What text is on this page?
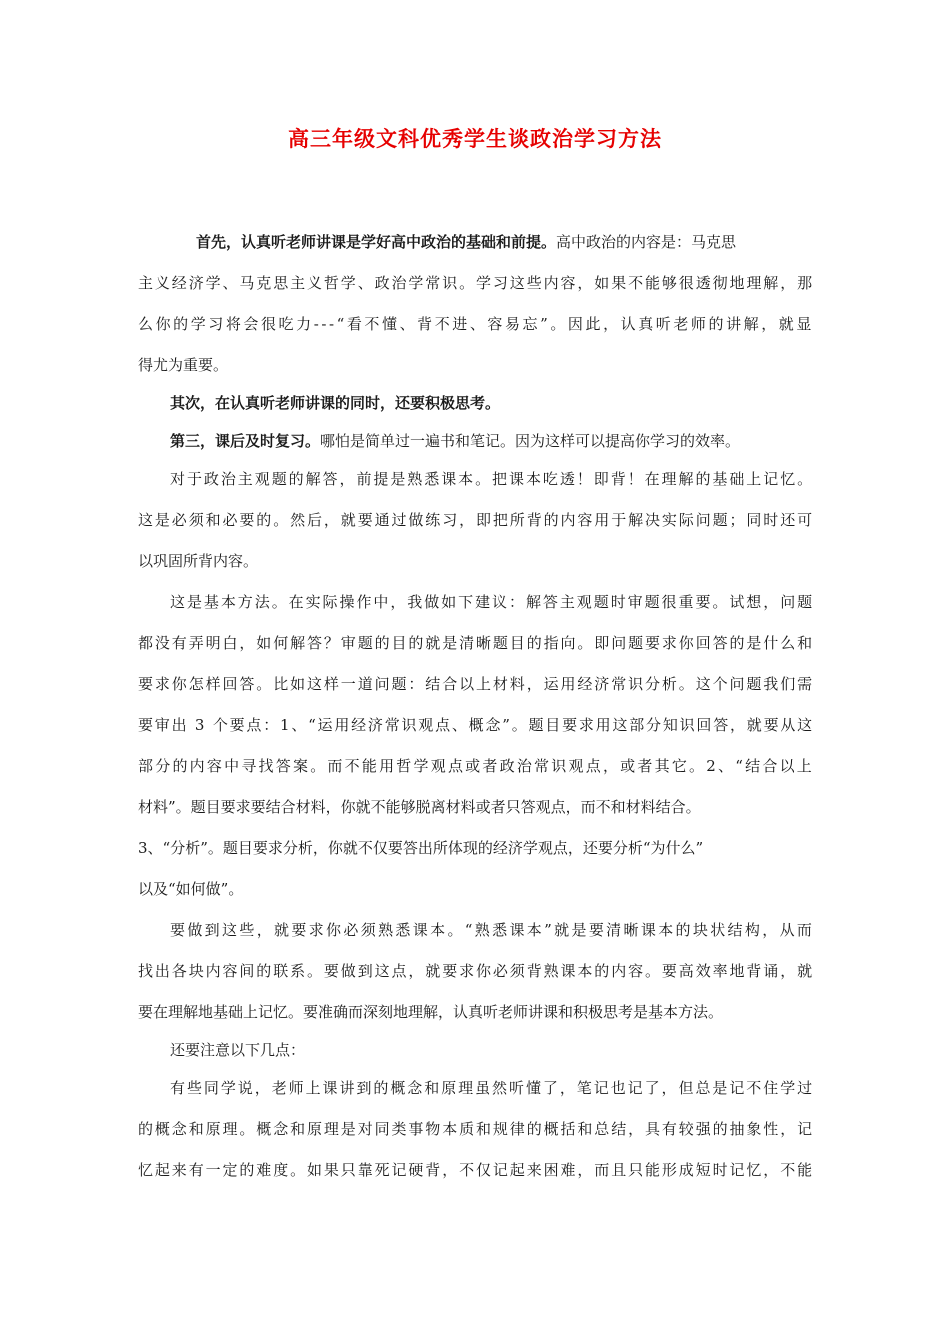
高三年级文科优秀学生谈政治学习方法
首先，认真听老师讲课是学好高中政治的基础和前提。 高中政治的内容是：马克思
主义经济学、马克思主义哲学、政治学常识。学习这些内容，如果不能够很透彻地理解，那
么你的学习将会很吃力---“看不懂、背不进、容易忘”。因此，认真听老师的讲解，就显
得尤为重要。
其次，在认真听老师讲课的同时，还要积极思考。
第三，课后及时复习。 哪怕是简单过一遍书和笔记。因为这样可以提高你学习的效率。
对于政治主观题的解答，前提是熟悉课本。把课本吃透！即背！在理解的基础上记忆。
这是必须和必要的。然后，就要通过做练习，即把所背的内容用于解决实际问题；同时还可
以巩固所背内容。
这是基本方法。在实际操作中，我做如下建议：解答主观题时审题很重要。试想，问题
都没有弄明白，如何解答？审题的目的就是清晰题目的指向。即问题要求你回答的是什么和
要求你怎样回答。比如这样一道问题：结合以上材料，运用经济常识分析。这个问题我们需
要审出 3 个要点：1、“运用经济常识观点、概念”。题目要求用这部分知识回答，就要从这
部分的内容中寻找答案。而不能用哲学观点或者政治常识观点，或者其它。2、“结合以上
材料”。题目要求要结合材料，你就不能够脱离材料或者只答观点，而不和材料结合。
3、“分析”。题目要求分析，你就不仅要答出所体现的经济学观点，还要分析“为什么”
以及“如何做”。
要做到这些，就要求你必须熟悉课本。“熟悉课本”就是要清晰课本的块状结构，从而
找出各块内容间的联系。要做到这点，就要求你必须背熟课本的内容。要高效率地背诵，就
要在理解地基础上记忆。要准确而深刻地理解，认真听老师讲课和积极思考是基本方法。
还要注意以下几点：
有些同学说，老师上课讲到的概念和原理虽然听懂了，笔记也记了，但总是记不住学过
的概念和原理。概念和原理是对同类事物本质和规律的概括和总结，具有较强的抽象性，记
忆起来有一定的难度。如果只靠死记硬背，不仅记起来困难，而且只能形成短时记忆，不能
